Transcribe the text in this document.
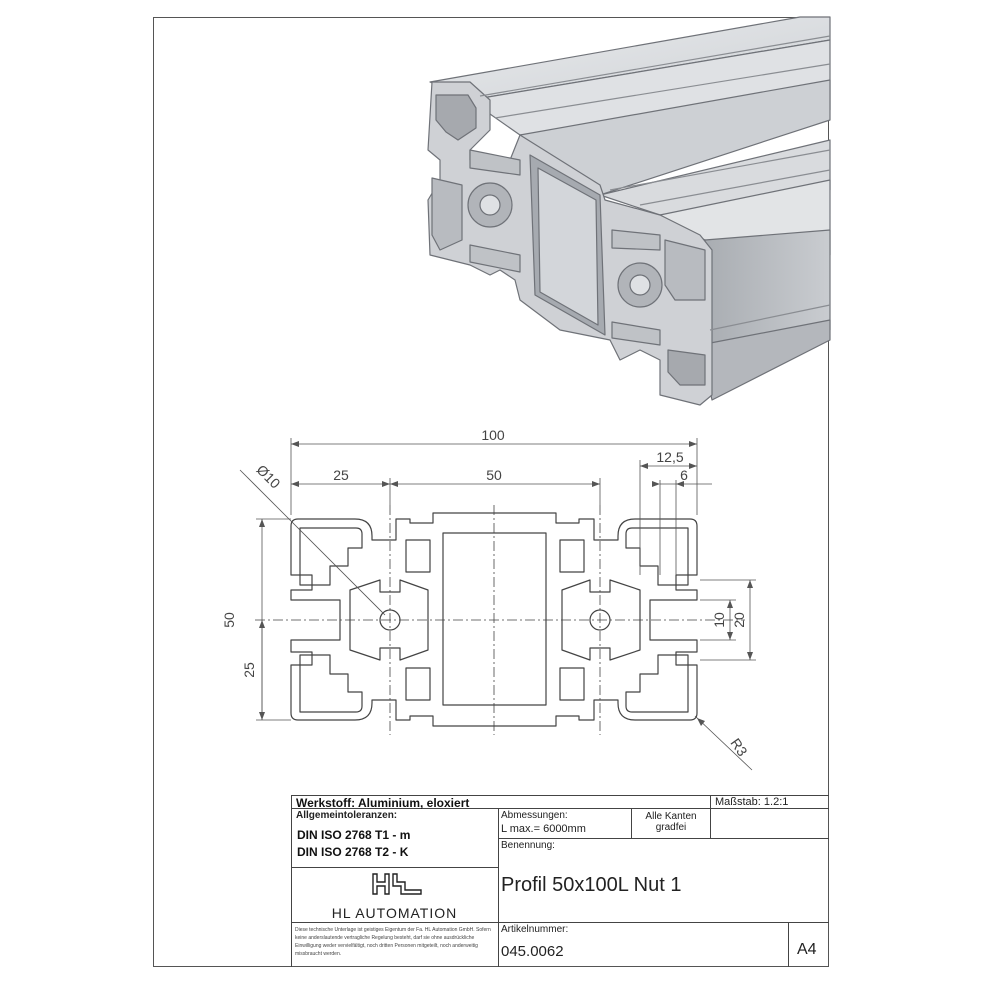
100
25	50
12,5
6
Ø10
50
25
10 20
R3
Werkstoff: Aluminium, eloxiert	Maßstab: 1.2:1
Allgemeintoleranzen:
DIN ISO 2768 T1 - m
DIN ISO 2768 T2 - K
Abmessungen:
L max.= 6000mm
Alle Kanten gradfei
Benennung:
Profil 50x100L Nut 1
HL AUTOMATION
Diese technische Unterlage ist geistiges Eigentum der Fa. HL Automation GmbH. Sofern keine anderslautende vertragliche Regelung besteht, darf sie ohne ausdrückliche Einwilligung weder vervielfältigt, noch dritten Personen mitgeteilt, noch anderweitig missbraucht werden.
Artikelnummer:
045.0062	A4
